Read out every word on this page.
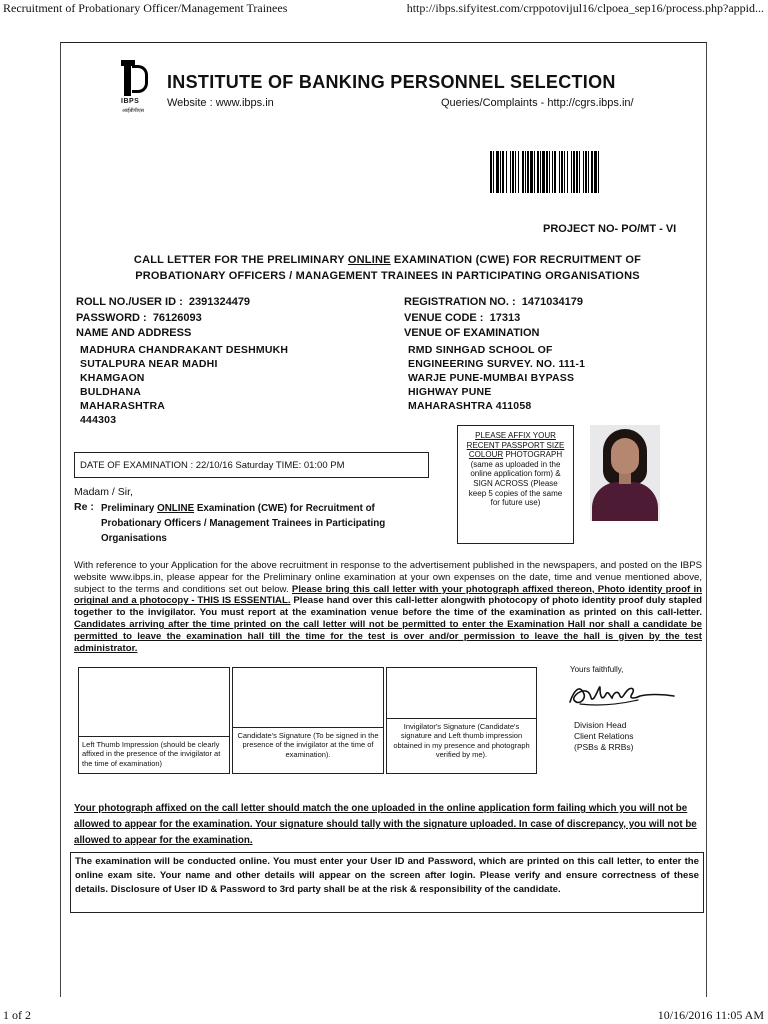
Recruitment of Probationary Officer/Management Trainees	http://ibps.sifyitest.com/crppotovijul16/clpoea_sep16/process.php?appid...
1 of 2	10/16/2016 11:05 AM
IBPS
आईबीपीएस
INSTITUTE OF BANKING PERSONNEL SELECTION
Website : www.ibps.in	Queries/Complaints - http://cgrs.ibps.in/
PROJECT NO- PO/MT - VI
CALL LETTER FOR THE PRELIMINARY ONLINE EXAMINATION (CWE) FOR RECRUITMENT OF
PROBATIONARY OFFICERS / MANAGEMENT TRAINEES IN PARTICIPATING ORGANISATIONS
ROLL NO./USER ID : 2391324479
PASSWORD : 76126093
NAME AND ADDRESS
MADHURA CHANDRAKANT DESHMUKH
SUTALPURA NEAR MADHI
KHAMGAON
BULDHANA
MAHARASHTRA
444303
REGISTRATION NO. : 1471034179
VENUE CODE : 17313
VENUE OF EXAMINATION
RMD SINHGAD SCHOOL OF
ENGINEERING SURVEY. NO. 111-1
WARJE PUNE-MUMBAI BYPASS
HIGHWAY PUNE
MAHARASHTRA 411058
PLEASE AFFIX YOUR RECENT PASSPORT SIZE COLOUR PHOTOGRAPH (same as uploaded in the online application form) & SIGN ACROSS (Please keep 5 copies of the same for future use)
DATE OF EXAMINATION : 22/10/16 Saturday TIME: 01:00 PM
Madam / Sir,
Re : Preliminary ONLINE Examination (CWE) for Recruitment of Probationary Officers / Management Trainees in Participating Organisations
With reference to your Application for the above recruitment in response to the advertisement published in the newspapers, and posted on the IBPS website www.ibps.in, please appear for the Preliminary online examination at your own expenses on the date, time and venue mentioned above, subject to the terms and conditions set out below. Please bring this call letter with your photograph affixed thereon, Photo identity proof in original and a photocopy - THIS IS ESSENTIAL. Please hand over this call-letter alongwith photocopy of photo identity proof duly stapled together to the invigilator. You must report at the examination venue before the time of the examination as printed on this call-letter. Candidates arriving after the time printed on the call letter will not be permitted to enter the Examination Hall nor shall a candidate be permitted to leave the examination hall till the time for the test is over and/or permission to leave the hall is given by the test administrator.
Left Thumb Impression (should be clearly affixed in the presence of the invigilator at the time of examination)
Candidate's Signature (To be signed in the presence of the invigilator at the time of examination).
Invigilator's Signature (Candidate's signature and Left thumb impression obtained in my presence and photograph verified by me).
Yours faithfully,
Division Head
Client Relations
(PSBs & RRBs)
Your photograph affixed on the call letter should match the one uploaded in the online application form failing which you will not be allowed to appear for the examination. Your signature should tally with the signature uploaded. In case of discrepancy, you will not be allowed to appear for the examination.
The examination will be conducted online. You must enter your User ID and Password, which are printed on this call letter, to enter the online exam site. Your name and other details will appear on the screen after login. Please verify and ensure correctness of these details. Disclosure of User ID & Password to 3rd party shall be at the risk & responsibility of the candidate.
